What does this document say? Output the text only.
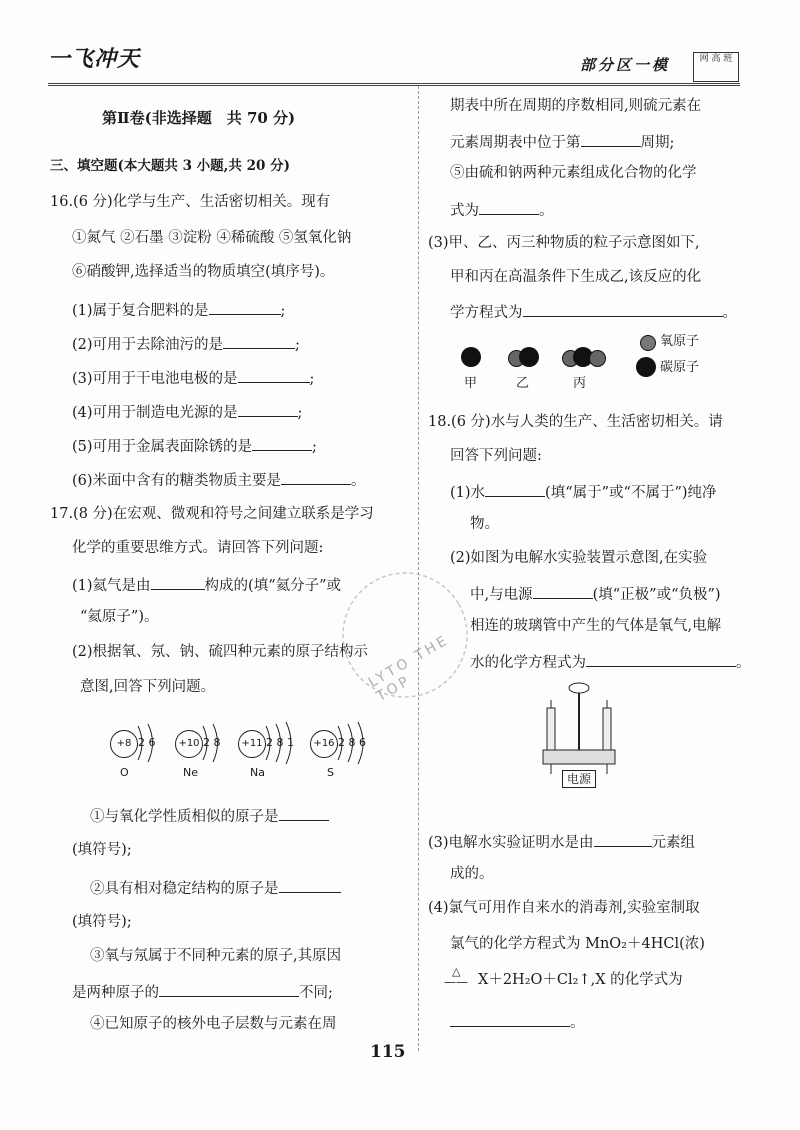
一飞冲天	部分区一模	网 高 班
第Ⅱ卷(非选择题　共 70 分)
三、填空题(本大题共 3 小题,共 20 分)
16.(6 分)化学与生产、生活密切相关。现有
①氮气 ②石墨 ③淀粉 ④稀硫酸 ⑤氢氧化钠
⑥硝酸钾,选择适当的物质填空(填序号)。
(1)属于复合肥料的是	;
(2)可用于去除油污的是	;
(3)可用于干电池电极的是	;
(4)可用于制造电光源的是	;
(5)可用于金属表面除锈的是	;
(6)米面中含有的糖类物质主要是	。
17.(8 分)在宏观、微观和符号之间建立联系是学习
化学的重要思维方式。请回答下列问题:
(1)氦气是由	构成的(填“氦分子”或
“氦原子”)。
(2)根据氧、氖、钠、硫四种元素的原子结构示
意图,回答下列问题。
+8 2 6
O
+10 2 8
Ne
+11 2 8 1
Na
+16 2 8 6
S
①与氧化学性质相似的原子是
(填符号);
②具有相对稳定结构的原子是
(填符号);
③氧与氖属于不同种元素的原子,其原因
是两种原子的	不同;
④已知原子的核外电子层数与元素在周
期表中所在周期的序数相同,则硫元素在
元素周期表中位于第	周期;
⑤由硫和钠两种元素组成化合物的化学
式为	。
(3)甲、乙、丙三种物质的粒子示意图如下,
甲和丙在高温条件下生成乙,该反应的化
学方程式为	。
甲	乙	丙
氧原子
碳原子
18.(6 分)水与人类的生产、生活密切相关。请
回答下列问题:
(1)水	(填“属于”或“不属于”)纯净
物。
(2)如图为电解水实验装置示意图,在实验
中,与电源	(填“正极”或“负极”)
相连的玻璃管中产生的气体是氧气,电解
水的化学方程式为	。
电源
(3)电解水实验证明水是由	元素组
成的。
(4)氯气可用作自来水的消毒剂,实验室制取
氯气的化学方程式为 MnO₂＋4HCl(浓)
△
—— X＋2H₂O＋Cl₂↑,X 的化学式为
。
LYTO THE TOP
115
